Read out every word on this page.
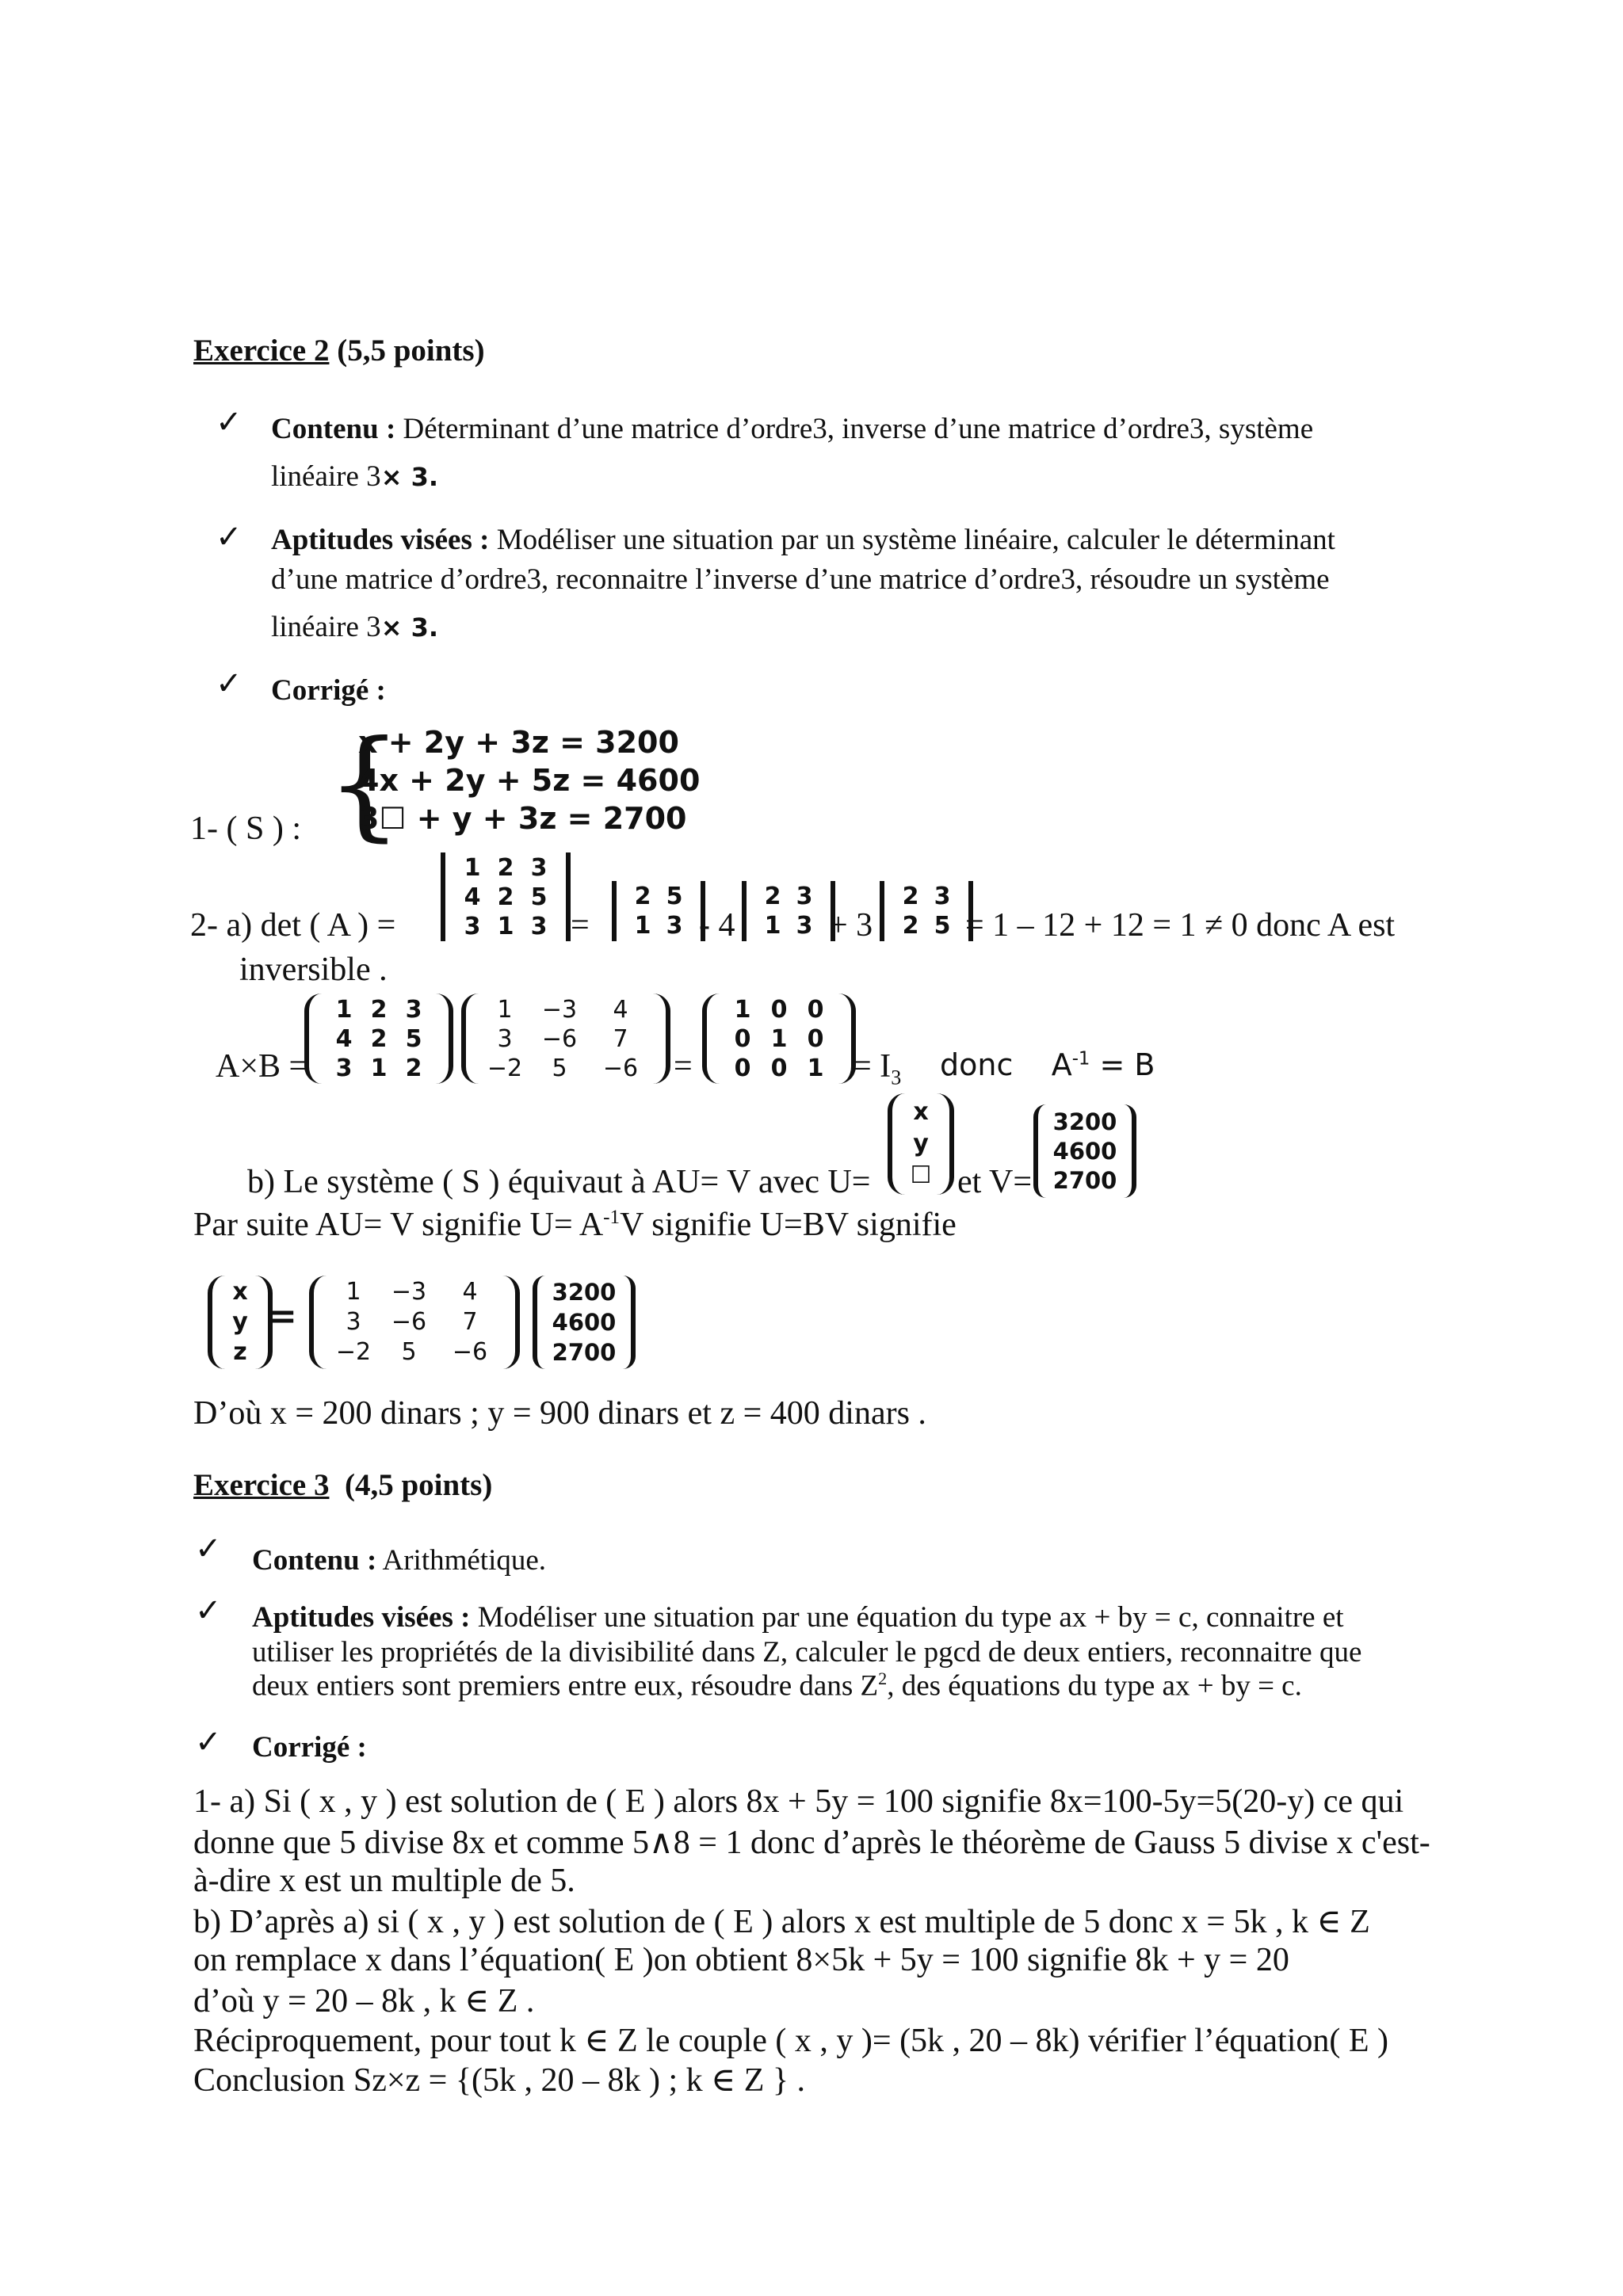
Exercice 2 (5,5 points)
✓ Contenu : Déterminant d’une matrice d’ordre3, inverse d’une matrice d’ordre3, système
linéaire 3× 3.
✓ Aptitudes visées : Modéliser une situation par un système linéaire, calculer le déterminant
d’une matrice d’ordre3, reconnaitre l’inverse d’une matrice d’ordre3, résoudre un système
linéaire 3× 3.
✓ Corrigé :
1- ( S ) : {
x + 2y + 3z = 3200
4x + 2y + 5z = 4600
3☐ + y + 3z = 2700
2- a) det ( A ) =
1 2 3
4 2 5
3 1 3 =
2 5
1 3 - 4
2 3
1 3 + 3
2 3
2 5 = 1 – 12 + 12 = 1 ≠ 0 donc A est
inversible .
A×B =
1 2 3
4 2 5
3 1 2
1 −3 4
3 −6 7
−2 5 −6 =
1 0 0
0 1 0
0 0 $1 = I_3$ donc $A^{-1} = B$
b) Le système ( S ) équivaut à AU= V avec U=
x
y
☐ et V=
3200
4600
2700
Par suite AU= V signifie $U= A^{-1}V$ signifie U=BV signifie
x
y
z
=
1 −3 4
3 −6 7
−2 5 −6
3200
4600
2700
D’où x = 200 dinars ; y = 900 dinars et z = 400 dinars .
Exercice 3 (4,5 points)
✓ Contenu : Arithmétique.
✓ Aptitudes visées : Modéliser une situation par une équation du type ax + by = c, connaitre et
utiliser les propriétés de la divisibilité dans Z, calculer le pgcd de deux entiers, reconnaitre que
deux entiers sont premiers entre eux, résoudre dans $Z^2$, des équations du type ax + by = c.
✓ Corrigé :
1- a) Si ( x , y ) est solution de ( E ) alors 8x + 5y = 100 signifie 8x=100-5y=5(20-y) ce qui
donne que 5 divise 8x et comme 5∧8 = 1 donc d’après le théorème de Gauss 5 divise x c'est-
à-dire x est un multiple de 5.
b) D’après a) si ( x , y ) est solution de ( E ) alors x est multiple de 5 donc x = 5k , k ∈ Z
on remplace x dans l’équation( E )on obtient 8×5k + 5y = 100 signifie 8k + y = 20
d’où y = 20 – 8k , k ∈ Z .
Réciproquement, pour tout k ∈ Z le couple ( x , y )= (5k , 20 – 8k) vérifier l’équation( E )
Conclusion Sz×z = {(5k , 20 – 8k ) ; k ∈ Z } .
